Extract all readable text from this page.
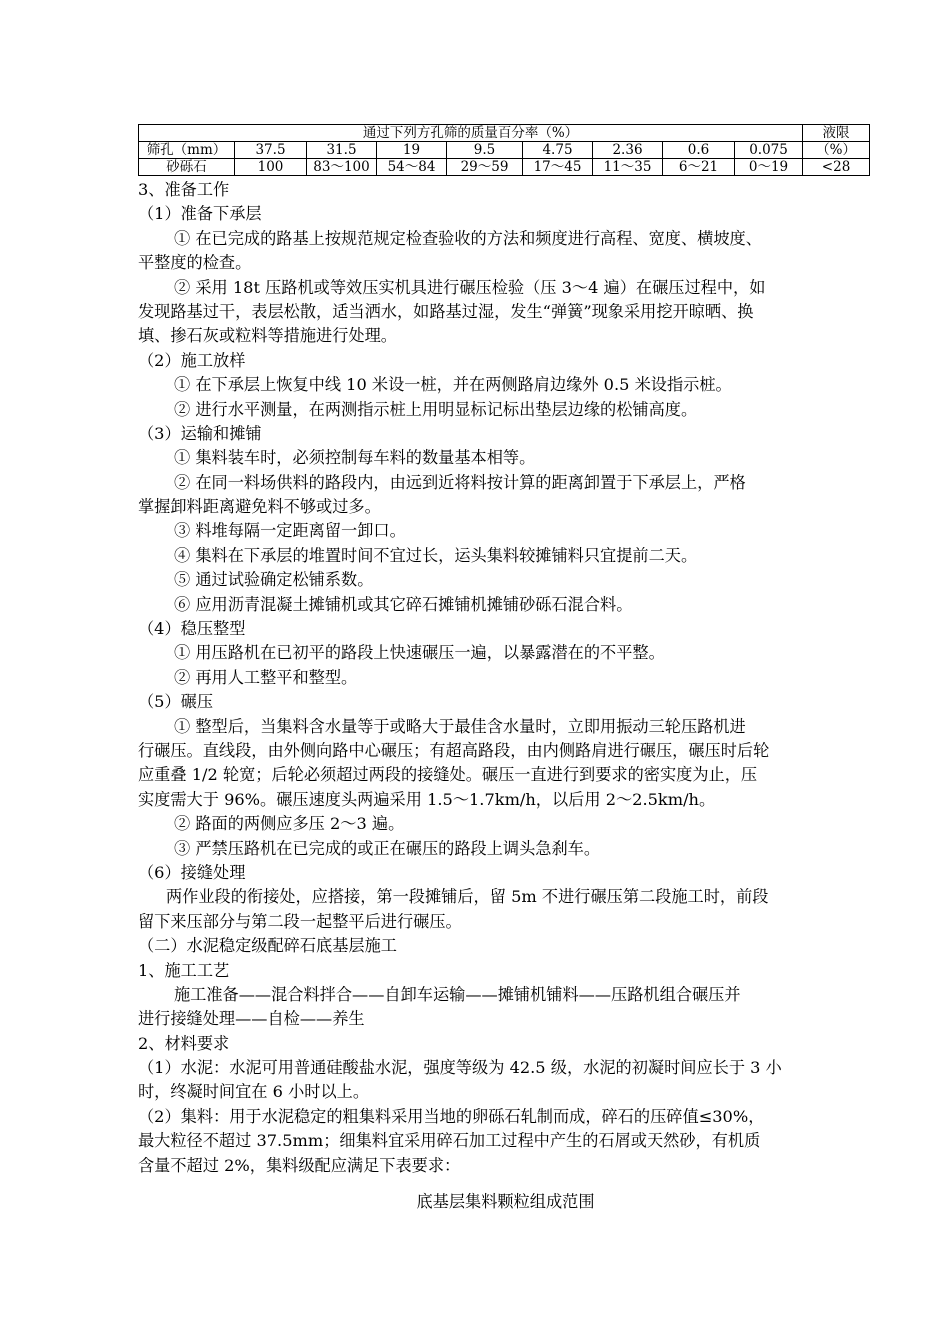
通过下列方孔筛的质量百分率（%）									液限
筛孔（mm）	37.5	31.5	19	9.5	4.75	2.36	0.6	0.075	（%）
砂砾石	100	83～100	54～84	29～59	17～45	11～35	6～21	0～19	<28
3、准备工作
（1）准备下承层
① 在已完成的路基上按规范规定检查验收的方法和频度进行高程、宽度、横坡度、
平整度的检查。
② 采用 18t 压路机或等效压实机具进行碾压检验（压 3～4 遍）在碾压过程中，如
发现路基过干，表层松散，适当洒水，如路基过湿，发生“弹簧”现象采用挖开晾晒、换
填、掺石灰或粒料等措施进行处理。
（2）施工放样
① 在下承层上恢复中线 10 米设一桩，并在两侧路肩边缘外 0.5 米设指示桩。
② 进行水平测量，在两测指示桩上用明显标记标出垫层边缘的松铺高度。
（3）运输和摊铺
① 集料装车时，必须控制每车料的数量基本相等。
② 在同一料场供料的路段内，由远到近将料按计算的距离卸置于下承层上，严格
掌握卸料距离避免料不够或过多。
③ 料堆每隔一定距离留一卸口。
④ 集料在下承层的堆置时间不宜过长，运头集料较摊铺料只宜提前二天。
⑤ 通过试验确定松铺系数。
⑥ 应用沥青混凝土摊铺机或其它碎石摊铺机摊铺砂砾石混合料。
（4）稳压整型
① 用压路机在已初平的路段上快速碾压一遍，以暴露潜在的不平整。
② 再用人工整平和整型。
（5）碾压
① 整型后，当集料含水量等于或略大于最佳含水量时，立即用振动三轮压路机进
行碾压。直线段，由外侧向路中心碾压；有超高路段，由内侧路肩进行碾压，碾压时后轮
应重叠 1/2 轮宽；后轮必须超过两段的接缝处。碾压一直进行到要求的密实度为止，压
实度需大于 96%。碾压速度头两遍采用 1.5～1.7km/h，以后用 2～2.5km/h。
② 路面的两侧应多压 2～3 遍。
③ 严禁压路机在已完成的或正在碾压的路段上调头急刹车。
（6）接缝处理
两作业段的衔接处，应搭接，第一段摊铺后，留 5m 不进行碾压第二段施工时，前段
留下来压部分与第二段一起整平后进行碾压。
（二）水泥稳定级配碎石底基层施工
1、施工工艺
施工准备——混合料拌合——自卸车运输——摊铺机铺料——压路机组合碾压并
进行接缝处理——自检——养生
2、材料要求
（1）水泥：水泥可用普通硅酸盐水泥，强度等级为 42.5 级，水泥的初凝时间应长于 3 小
时，终凝时间宜在 6 小时以上。
（2）集料：用于水泥稳定的粗集料采用当地的卵砾石轧制而成，碎石的压碎值≤30%，
最大粒径不超过 37.5mm；细集料宜采用碎石加工过程中产生的石屑或天然砂，有机质
含量不超过 2%，集料级配应满足下表要求：
底基层集料颗粒组成范围
